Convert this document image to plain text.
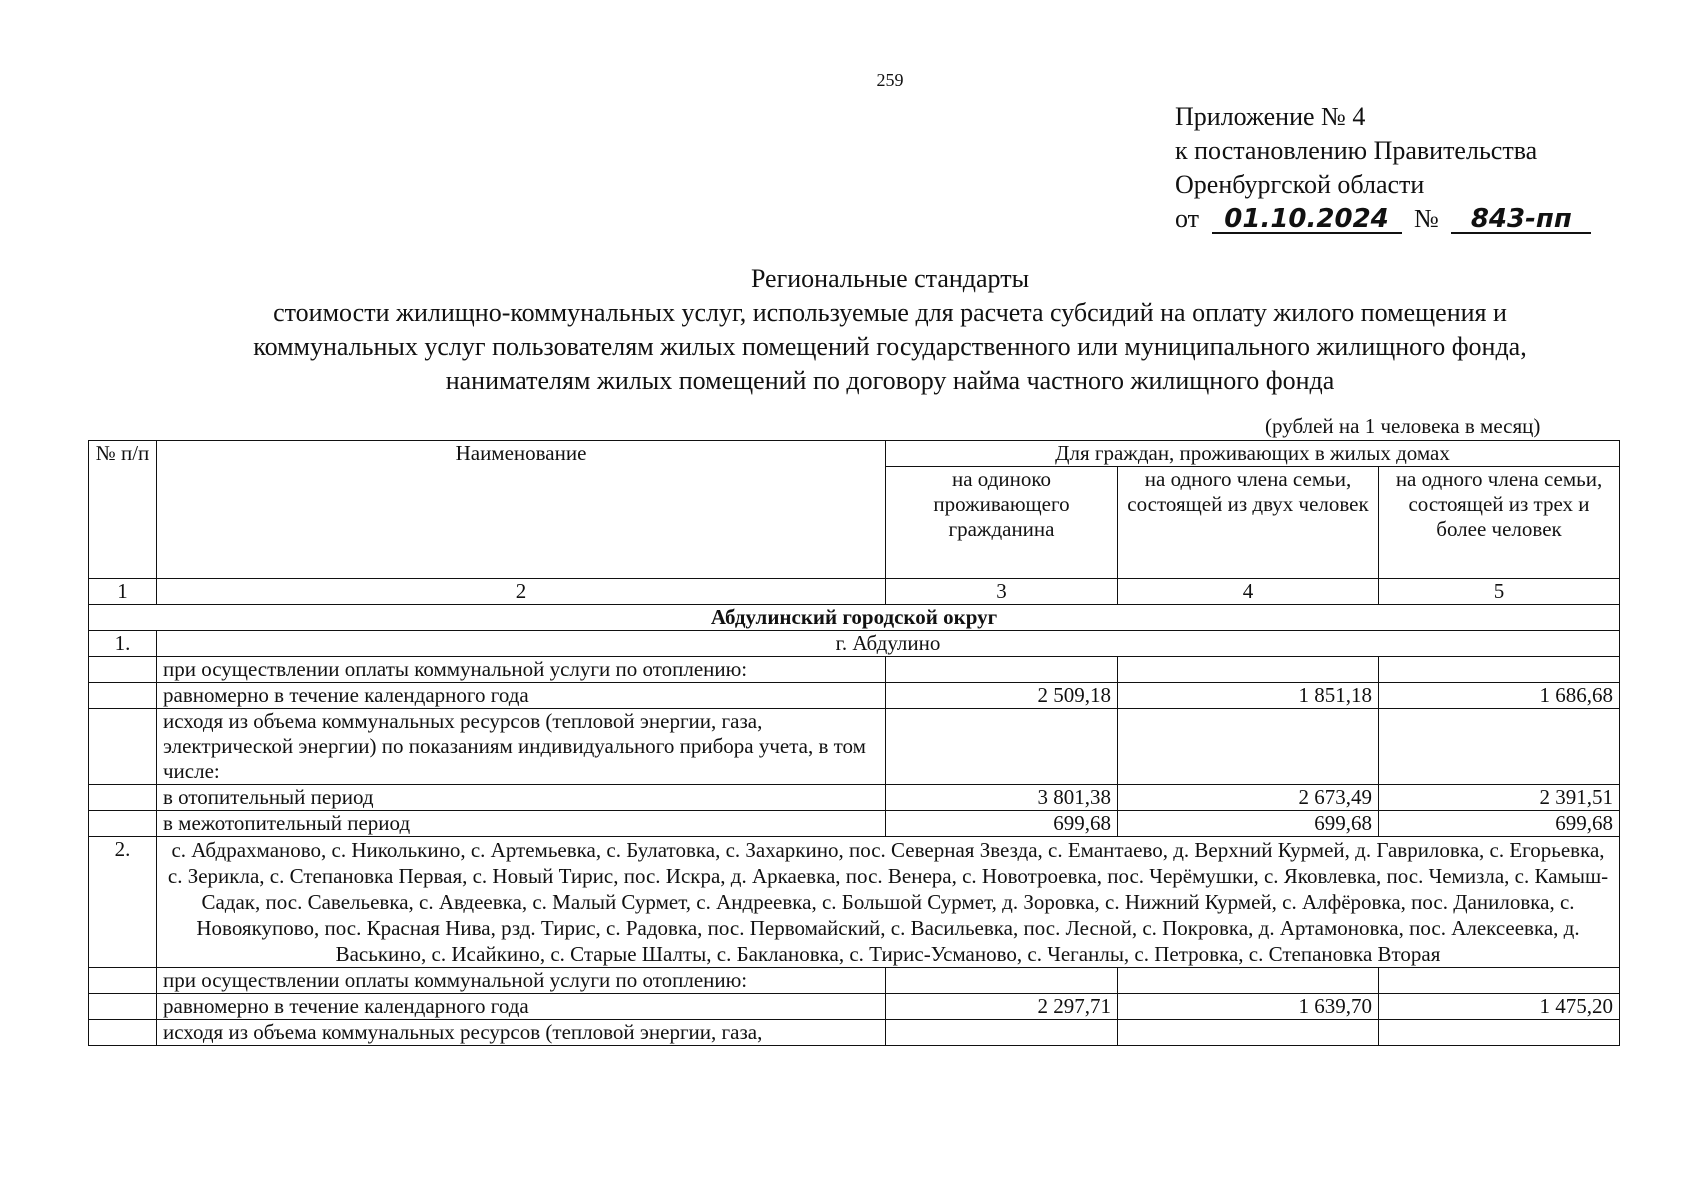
259
Приложение № 4
к постановлению Правительства
Оренбургской области
от 01.10.2024 № 843-пп
Региональные стандарты
стоимости жилищно-коммунальных услуг, используемые для расчета субсидий на оплату жилого помещения и
коммунальных услуг пользователям жилых помещений государственного или муниципального жилищного фонда,
нанимателям жилых помещений по договору найма частного жилищного фонда
(рублей на 1 человека в месяц)
№ п/п	Наименование	Для граждан, проживающих в жилых домах		
		на одиноко проживающего гражданина	на одного члена семьи, состоящей из двух человек	на одного члена семьи, состоящей из трех и более человек
1	2	3	4	5
Абдулинский городской округ				
1.	г. Абдулино			
	при осуществлении оплаты коммунальной услуги по отоплению:			
	равномерно в течение календарного года	2 509,18	1 851,18	1 686,68
	исходя из объема коммунальных ресурсов (тепловой энергии, газа, электрической энергии) по показаниям индивидуального прибора учета, в том числе:			
	в отопительный период	3 801,38	2 673,49	2 391,51
	в межотопительный период	699,68	699,68	699,68
2.	с. Абдрахманово, с. Николькино, с. Артемьевка, с. Булатовка, с. Захаркино, пос. Северная Звезда, с. Емантаево, д. Верхний Курмей, д. Гавриловка, с. Егорьевка, с. Зерикла, с. Степановка Первая, с. Новый Тирис, пос. Искра, д. Аркаевка, пос. Венера, с. Новотроевка, пос. Черёмушки, с. Яковлевка, пос. Чемизла, с. Камыш-Садак, пос. Савельевка, с. Авдеевка, с. Малый Сурмет, с. Андреевка, с. Большой Сурмет, д. Зоровка, с. Нижний Курмей, с. Алфёровка, пос. Даниловка, с. Новоякупово, пос. Красная Нива, рзд. Тирис, с. Радовка, пос. Первомайский, с. Васильевка, пос. Лесной, с. Покровка, д. Артамоновка, пос. Алексеевка, д. Васькино, с. Исайкино, с. Старые Шалты, с. Баклановка, с. Тирис-Усманово, с. Чеганлы, с. Петровка, с. Степановка Вторая			
	при осуществлении оплаты коммунальной услуги по отоплению:			
	равномерно в течение календарного года	2 297,71	1 639,70	1 475,20
	исходя из объема коммунальных ресурсов (тепловой энергии, газа,			
